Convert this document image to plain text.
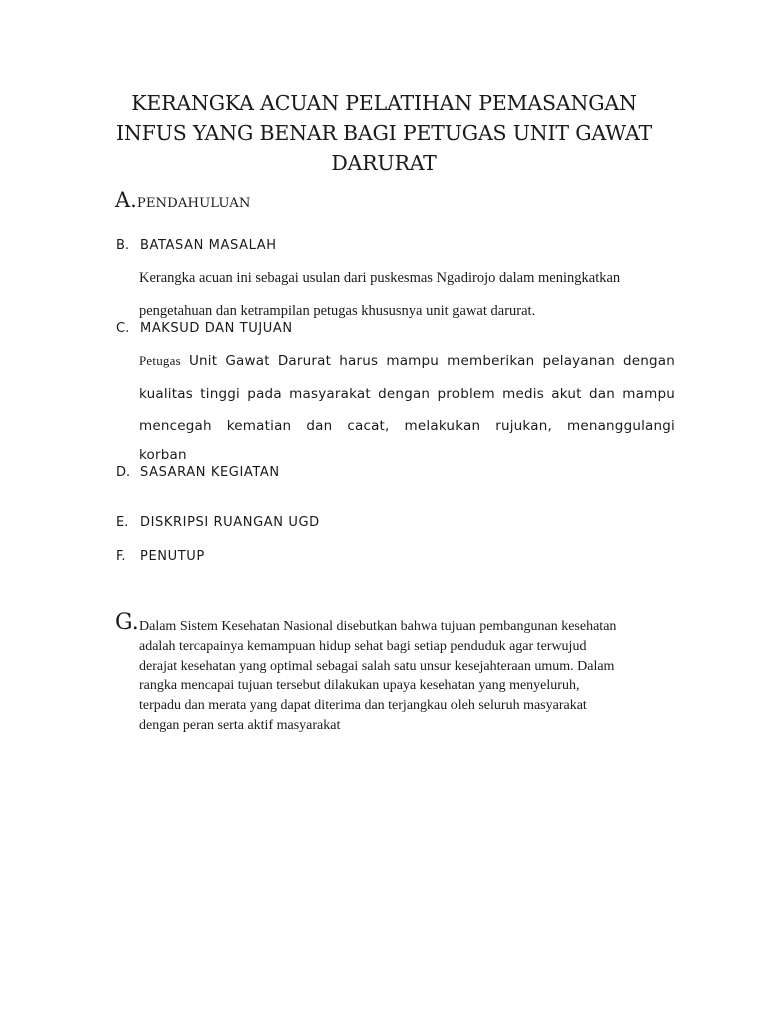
KERANGKA ACUAN PELATIHAN PEMASANGAN
INFUS YANG BENAR BAGI PETUGAS UNIT GAWAT
DARURAT
A.PENDAHULUAN
B. BATASAN MASALAH
Kerangka acuan ini sebagai usulan dari puskesmas Ngadirojo dalam meningkatkan
pengetahuan dan ketrampilan petugas khususnya unit gawat darurat.
C. MAKSUD DAN TUJUAN
Petugas Unit Gawat Darurat harus mampu memberikan pelayanan dengan
kualitas tinggi pada masyarakat dengan problem medis akut dan mampu
mencegah kematian dan cacat, melakukan rujukan, menanggulangi
korban
D. SASARAN KEGIATAN
E. DISKRIPSI RUANGAN UGD
F. PENUTUP
G. Dalam Sistem Kesehatan Nasional disebutkan bahwa tujuan pembangunan kesehatan
adalah tercapainya kemampuan hidup sehat bagi setiap penduduk agar terwujud
derajat kesehatan yang optimal sebagai salah satu unsur kesejahteraan umum. Dalam
rangka mencapai tujuan tersebut dilakukan upaya kesehatan yang menyeluruh,
terpadu dan merata yang dapat diterima dan terjangkau oleh seluruh masyarakat
dengan peran serta aktif masyarakat
